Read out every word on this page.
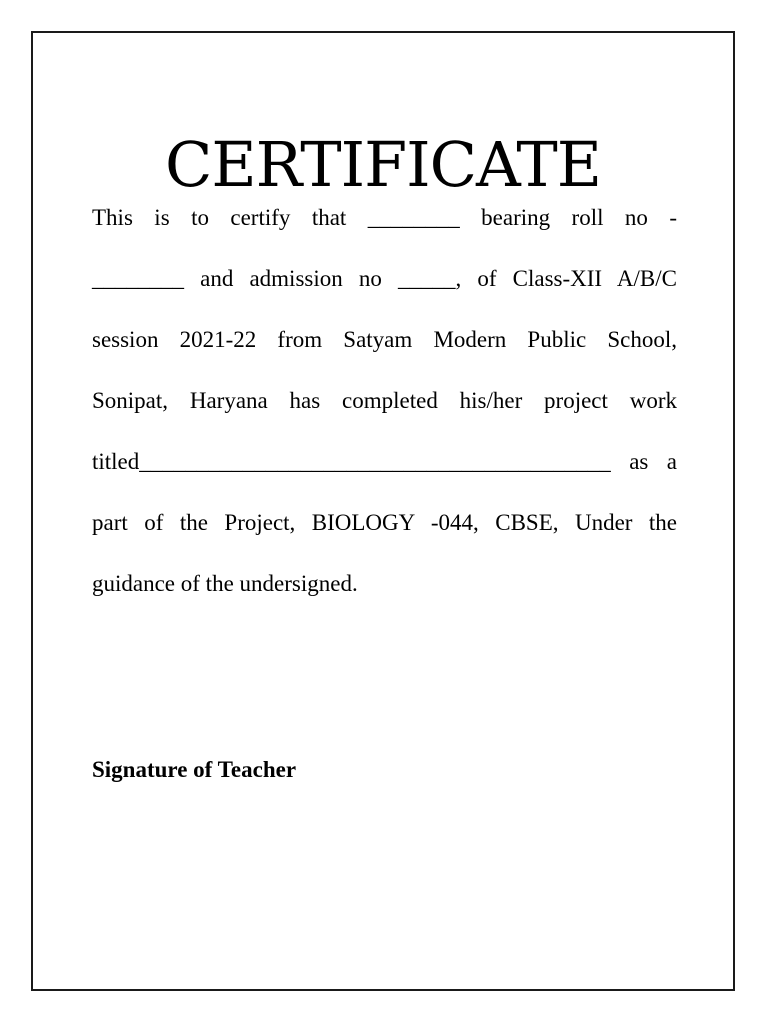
CERTIFICATE
This is to certify that ________ bearing roll no -
________ and admission no _____, of Class-XII A/B/C
session 2021-22 from Satyam Modern Public School,
Sonipat, Haryana has completed his/her project work
titled_________________________________________ as a
part of the Project, BIOLOGY -044, CBSE, Under the
guidance of the undersigned.

Signature of Teacher
